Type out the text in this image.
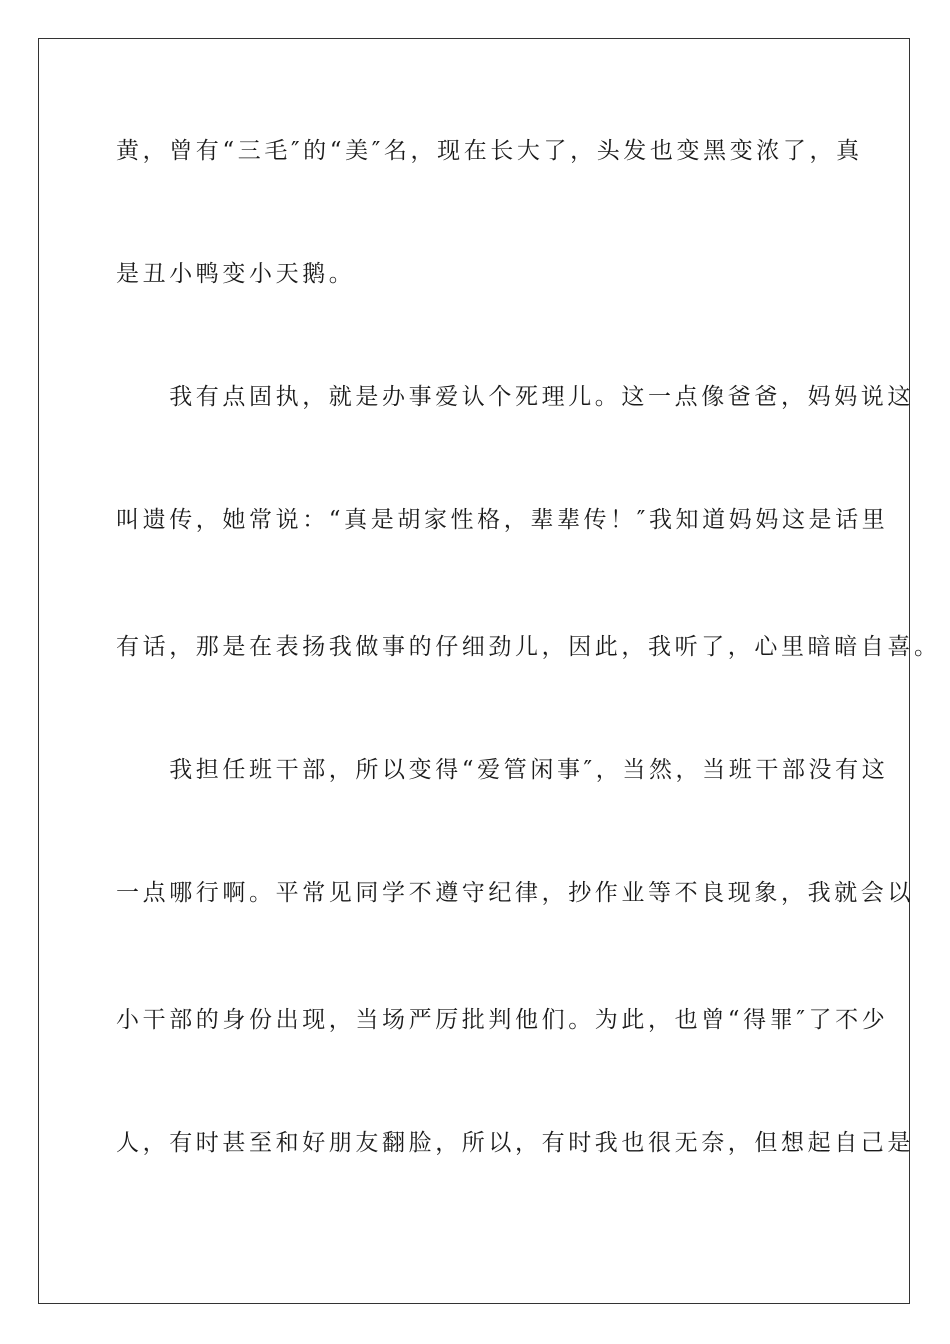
黄，曾有“三毛″的“美″名，现在长大了，头发也变黑变浓了，真
是丑小鸭变小天鹅。
　　我有点固执，就是办事爱认个死理儿。这一点像爸爸，妈妈说这
叫遗传，她常说：“真是胡家性格，辈辈传！″我知道妈妈这是话里
有话，那是在表扬我做事的仔细劲儿，因此，我听了，心里暗暗自喜。
　　我担任班干部，所以变得“爱管闲事″，当然，当班干部没有这
一点哪行啊。平常见同学不遵守纪律，抄作业等不良现象，我就会以
小干部的身份出现，当场严厉批判他们。为此，也曾“得罪″了不少
人，有时甚至和好朋友翻脸，所以，有时我也很无奈，但想起自己是
